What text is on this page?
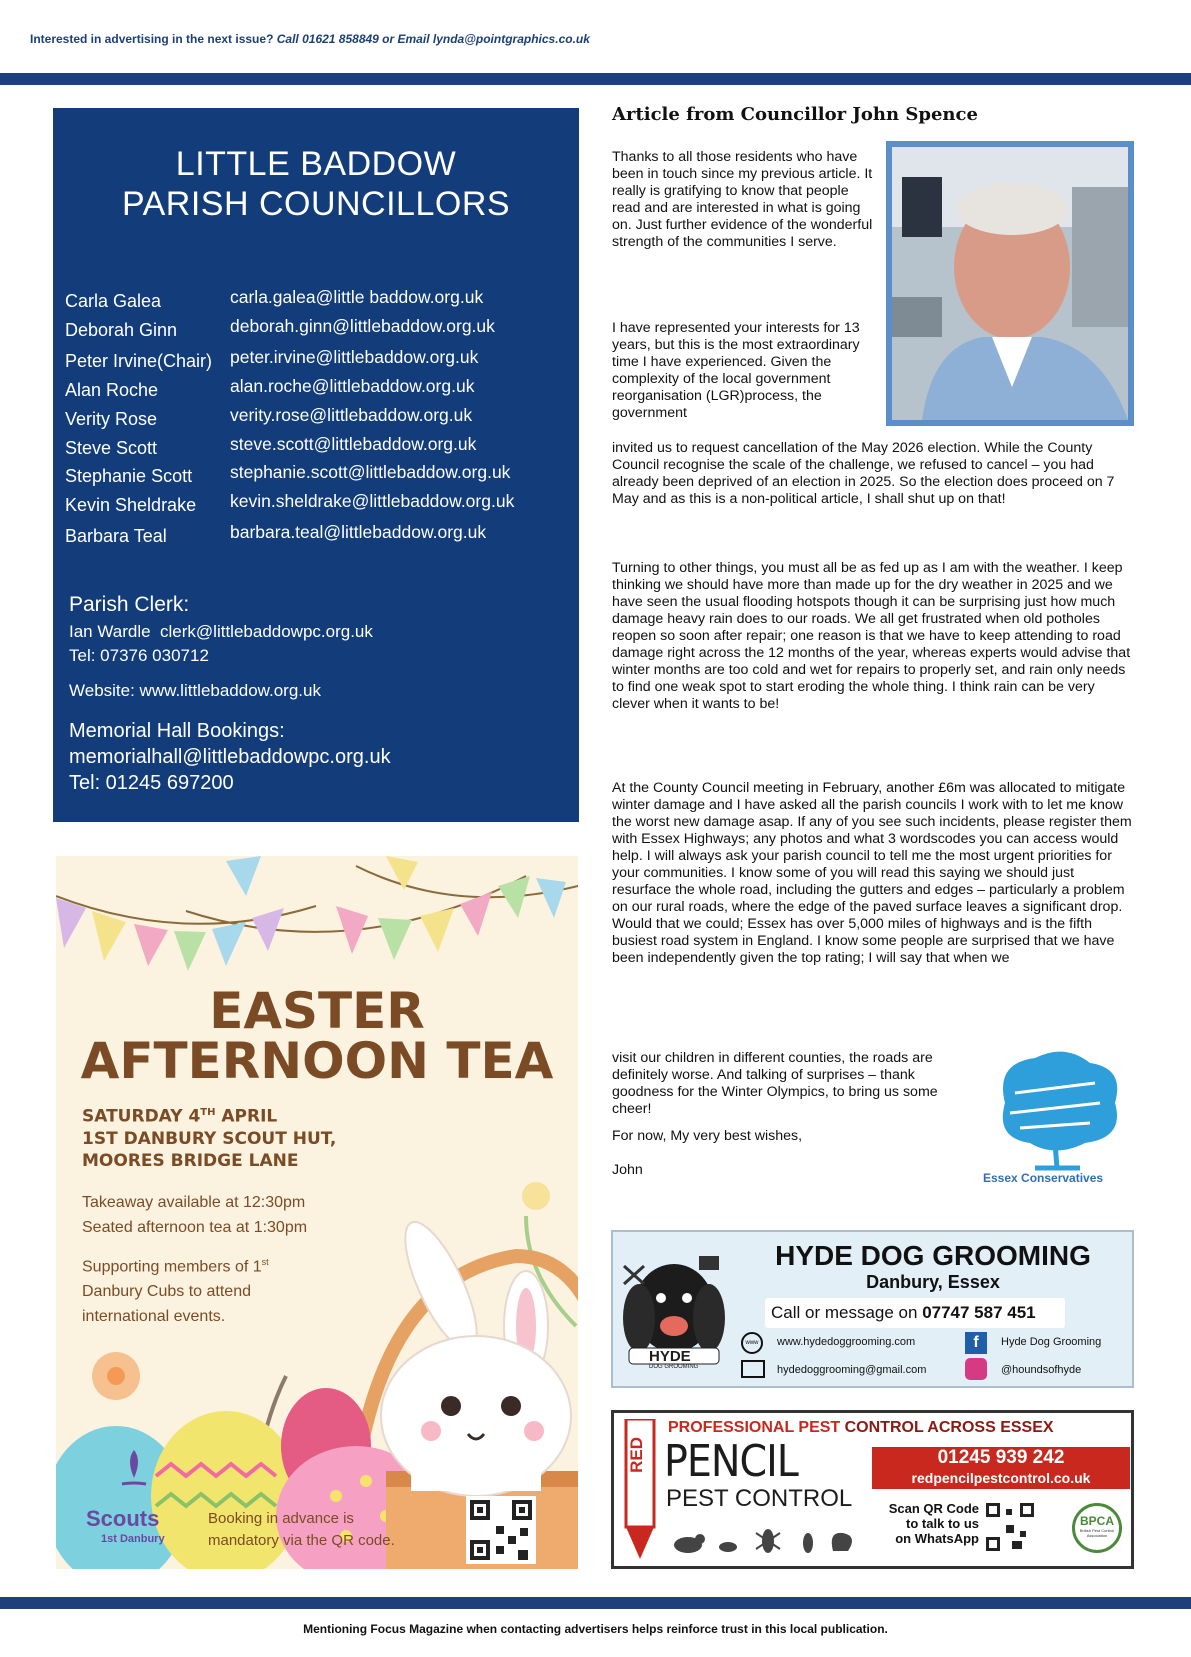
Interested in advertising in the next issue? Call 01621 858849 or Email lynda@pointgraphics.co.uk
LITTLE BADDOW
PARISH COUNCILLORS
Carla Galea	carla.galea@little baddow.org.uk
Deborah Ginn	deborah.ginn@littlebaddow.org.uk
Peter Irvine(Chair) peter.irvine@littlebaddow.org.uk
Alan Roche	alan.roche@littlebaddow.org.uk
Verity Rose	verity.rose@littlebaddow.org.uk
Steve Scott	steve.scott@littlebaddow.org.uk
Stephanie Scott stephanie.scott@littlebaddow.org.uk
Kevin Sheldrake kevin.sheldrake@littlebaddow.org.uk
Barbara Teal	barbara.teal@littlebaddow.org.uk
Parish Clerk:
Ian Wardle clerk@littlebaddowpc.org.uk
Tel: 07376 030712
Website: www.littlebaddow.org.uk
Memorial Hall Bookings:
memorialhall@littlebaddowpc.org.uk
Tel: 01245 697200
EASTER
AFTERNOON TEA
SATURDAY 4TH APRIL
1ST DANBURY SCOUT HUT,
MOORES BRIDGE LANE
Takeaway available at 12:30pm
Seated afternoon tea at 1:30pm
Supporting members of 1st
Danbury Cubs to attend
international events.
Scouts
1st Danbury
Booking in advance is
mandatory via the QR code.
Article from Councillor John Spence
Thanks to all those residents who have been in touch since my previous article. It really is gratifying to know that people read and are interested in what is going on. Just further evidence of the wonderful strength of the communities I serve.
I have represented your interests for 13 years, but this is the most extraordinary time I have experienced. Given the complexity of the local government reorganisation (LGR)process, the government
invited us to request cancellation of the May 2026 election. While the County Council recognise the scale of the challenge, we refused to cancel – you had already been deprived of an election in 2025. So the election does proceed on 7 May and as this is a non-political article, I shall shut up on that!
Turning to other things, you must all be as fed up as I am with the weather. I keep thinking we should have more than made up for the dry weather in 2025 and we have seen the usual flooding hotspots though it can be surprising just how much damage heavy rain does to our roads. We all get frustrated when old potholes reopen so soon after repair; one reason is that we have to keep attending to road damage right across the 12 months of the year, whereas experts would advise that winter months are too cold and wet for repairs to properly set, and rain only needs to find one weak spot to start eroding the whole thing. I think rain can be very clever when it wants to be!
At the County Council meeting in February, another £6m was allocated to mitigate winter damage and I have asked all the parish councils I work with to let me know the worst new damage asap. If any of you see such incidents, please register them with Essex Highways; any photos and what 3 wordscodes you can access would help. I will always ask your parish council to tell me the most urgent priorities for your communities. I know some of you will read this saying we should just resurface the whole road, including the gutters and edges – particularly a problem on our rural roads, where the edge of the paved surface leaves a significant drop. Would that we could; Essex has over 5,000 miles of highways and is the fifth busiest road system in England. I know some people are surprised that we have been independently given the top rating; I will say that when we
visit our children in different counties, the roads are definitely worse. And talking of surprises – thank goodness for the Winter Olympics, to bring us some cheer!
For now, My very best wishes,
John	Essex Conservatives
HYDE
DOG GROOMING
HYDE DOG GROOMING
Danbury, Essex
Call or message on 07747 587 451
www	www.hydedoggrooming.com	f	Hyde Dog Grooming
hydedoggrooming@gmail.com	@houndsofhyde
PROFESSIONAL PEST CONTROL ACROSS ESSEX
RED PENCIL
PEST CONTROL
01245 939 242
redpencilpestcontrol.co.uk
Scan QR Code
to talk to us
on WhatsApp
BPCA
British Pest Control Association
Mentioning Focus Magazine when contacting advertisers helps reinforce trust in this local publication.
